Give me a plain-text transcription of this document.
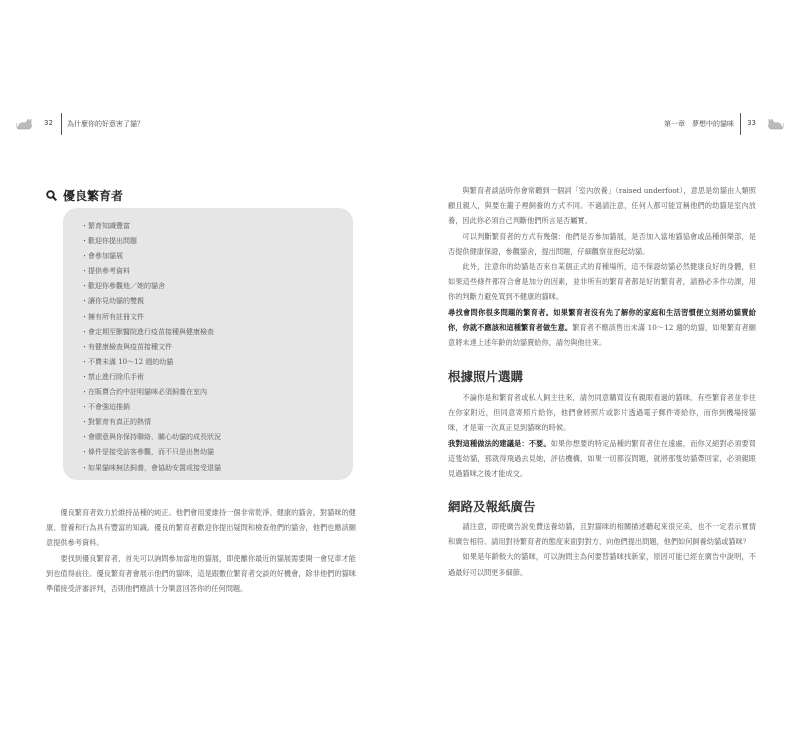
32 為什麼你的好意害了貓？
優良繁育者
・ 繁育知識豐富
・ 歡迎你提出問題
・ 會參加貓展
・ 提供參考資料
・ 歡迎你參觀他／她的貓舍
・ 讓你見幼貓的雙親
・ 擁有所有註冊文件
・ 會定期至獸醫院進行疫苗接種與健康檢查
・ 有健康檢查與疫苗接種文件
・ 不賣未滿 10～12 週的幼貓
・ 禁止進行除爪手術
・ 在販賣合約中註明貓咪必須飼養在室內
・ 不會強迫推銷
・ 對繁育有真正的熱情
・ 會願意與你保持聯絡，關心幼貓的成長狀況
・ 條件是接受訪客參觀，而不只是出售幼貓
・ 如果貓咪無法飼養，會協助安置或接受退貓

優良繁育者致力於維持品種的純正。他們會用愛維持一個非常乾淨、健康的貓舍，對貓咪的健康、營養和行為具有豐富的知識。優良的繁育者歡迎你提出疑問和檢查他們的貓舍，他們也應該願意提供參考資料。

要找到優良繁育者，首先可以詢問參加當地的貓展，即使離你最近的貓展需要開一會兒車才能到也值得前往。優良繁育者會展示他們的貓咪，這是跟數位繁育者交談的好機會，除非他們的貓咪準備接受評審評判，否則他們應該十分樂意回答你的任何問題。

第一章　夢想中的貓咪 33

與繁育者談話時你會常聽到一個詞「室內放養」（raised underfoot），意思是幼貓由人類照顧且親人，與要在籠子裡飼養的方式不同。不過請注意，任何人都可能宣稱他們的幼貓是室內放養，因此你必須自己判斷他們所言是否屬實。

可以判斷繁育者的方式有幾個：他們是否參加貓展，是否加入當地貓協會或品種俱樂部，是否提供健康保證，參觀貓舍，提出問題，仔細觀察並抱起幼貓。

此外，注意你的幼貓是否來自某個正式的育種場所，這不保證幼貓必然健康良好的身體，但如果這些條件都符合會是加分的因素，並非所有的繁育者都是好的繁育者，請務必多作功課，用你的判斷力避免買到不健康的貓咪。

尋找會問你很多問題的繁育者。如果繁育者沒有先了解你的家庭和生活習慣便立刻將幼貓賣給你，你就不應該和這種繁育者做生意。繁育者不應該售出未滿 10～12 週的幼貓，如果繁育者願意將未達上述年齡的幼貓賣給你，請勿與他往來。

根據照片選購

不論你是和繁育者或私人飼主往來，請勿同意購買沒有親眼看過的貓咪。有些繁育者並非住在你家附近，但同意寄照片給你，他們會將照片或影片透過電子郵件寄給你，而你到機場接貓咪，才是第一次真正見到貓咪的時候。

我對這種做法的建議是：不要。如果你想要的特定品種的繁育者住在遠處，而你又絕對必須要買這隻幼貓，那就得飛過去見她，評估機構，如果一切都沒問題，就將那隻幼貓帶回家，必須親眼見過貓咪之後才能成交。

網路及報紙廣告

請注意，即使廣告說免費送養幼貓，且對貓咪的相關描述聽起來很完美，也不一定表示實情和廣告相符。請用對待繁育者的態度來面對對方，向他們提出問題，他們如何飼養幼貓或貓咪？

如果是年齡較大的貓咪，可以詢問主為何要替貓咪找新家，原因可能已經在廣告中說明，不過最好可以問更多細節。
